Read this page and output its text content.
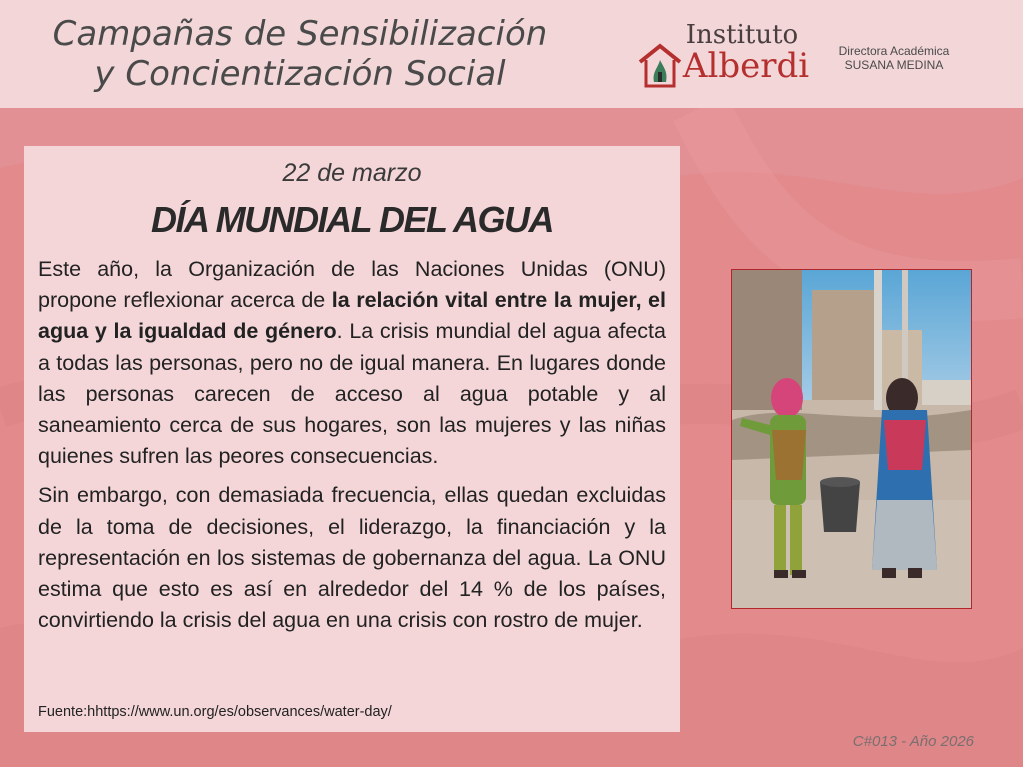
Campañas de Sensibilización
y Concientización Social
Instituto
Alberdi	Directora Académica
SUSANA MEDINA
22 de marzo
DÍA MUNDIAL DEL AGUA

Este año, la Organización de las Naciones Unidas (ONU) propone reflexionar acerca de la relación vital entre la mujer, el agua y la igualdad de género. La crisis mundial del agua afecta a todas las personas, pero no de igual manera. En lugares donde las personas carecen de acceso al agua potable y al saneamiento cerca de sus hogares, son las mujeres y las niñas quienes sufren las peores consecuencias.

Sin embargo, con demasiada frecuencia, ellas quedan excluidas de la toma de decisiones, el liderazgo, la financiación y la representación en los sistemas de gobernanza del agua. La ONU estima que esto es así en alrededor del 14 % de los países, convirtiendo la crisis del agua en una crisis con rostro de mujer.

Fuente:hhttps://www.un.org/es/observances/water-day/
C#013 - Año 2026
